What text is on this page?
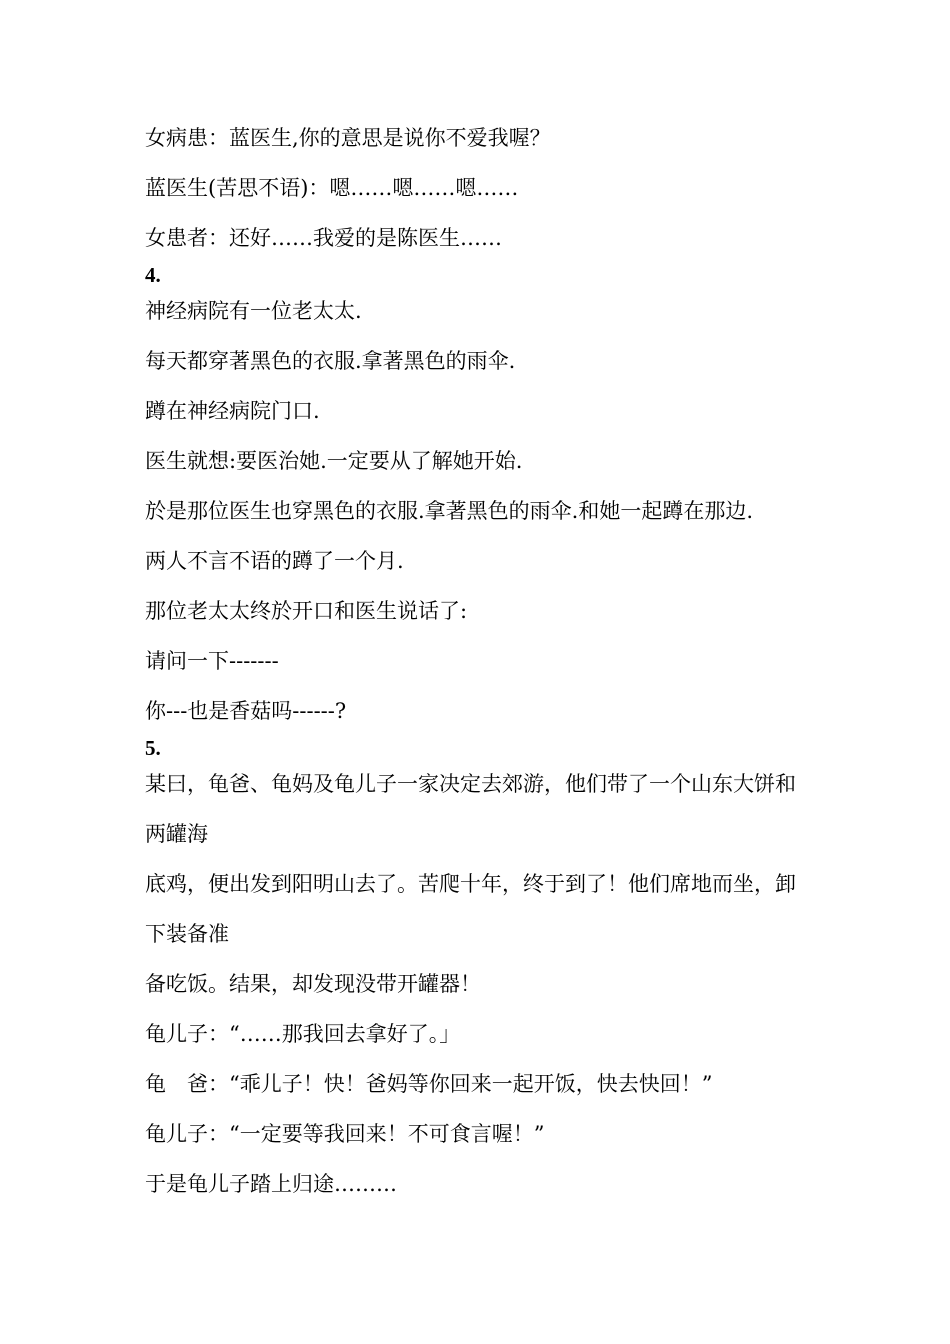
女病患：蓝医生,你的意思是说你不爱我喔？
蓝医生(苦思不语)：嗯……嗯……嗯……
女患者：还好……我爱的是陈医生……
4.
神经病院有一位老太太.
每天都穿著黑色的衣服.拿著黑色的雨伞.
蹲在神经病院门口.
医生就想:要医治她.一定要从了解她开始.
於是那位医生也穿黑色的衣服.拿著黑色的雨伞.和她一起蹲在那边.
两人不言不语的蹲了一个月.
那位老太太终於开口和医生说话了:
请问一下-------
你---也是香菇吗------?
5.
某曰，龟爸、龟妈及龟儿子一家决定去郊游，他们带了一个山东大饼和
两罐海
底鸡，便出发到阳明山去了。苦爬十年，终于到了！他们席地而坐，卸
下装备准
备吃饭。结果，却发现没带开罐器！
龟儿子：“……那我回去拿好了。」
龟　爸：“乖儿子！快！爸妈等你回来一起开饭，快去快回！”
龟儿子：“一定要等我回来！不可食言喔！”
于是龟儿子踏上归途………
